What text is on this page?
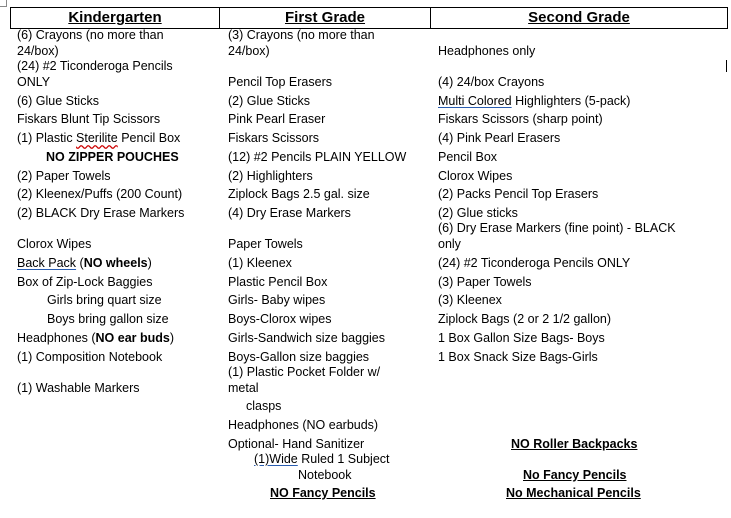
Kindergarten	First Grade	Second Grade
(6) Crayons (no more than
24/box)
(24) #2 Ticonderoga Pencils
ONLY
(6) Glue Sticks
Fiskars Blunt Tip Scissors
(1) Plastic Sterilite Pencil Box
NO ZIPPER POUCHES
(2) Paper Towels
(2) Kleenex/Puffs (200 Count)
(2) BLACK Dry Erase Markers
Clorox Wipes
Back Pack (NO wheels)
Box of Zip-Lock Baggies
Girls bring quart size
Boys bring gallon size
Headphones (NO ear buds)
(1) Composition Notebook
(1) Washable Markers
(3) Crayons (no more than
24/box)
Pencil Top Erasers
(2) Glue Sticks
Pink Pearl Eraser
Fiskars Scissors
(12) #2 Pencils PLAIN YELLOW
(2) Highlighters
Ziplock Bags 2.5 gal. size
(4) Dry Erase Markers
Paper Towels
(1) Kleenex
Plastic Pencil Box
Girls- Baby wipes
Boys-Clorox wipes
Girls-Sandwich size baggies
Boys-Gallon size baggies
(1) Plastic Pocket Folder w/
metal
clasps
Headphones (NO earbuds)
Optional- Hand Sanitizer
(1)Wide Ruled 1 Subject
Notebook
NO Fancy Pencils
Headphones only
(4) 24/box Crayons
Multi Colored Highlighters (5-pack)
Fiskars Scissors (sharp point)
(4) Pink Pearl Erasers
Pencil Box
Clorox Wipes
(2) Packs Pencil Top Erasers
(2) Glue sticks
(6) Dry Erase Markers (fine point) - BLACK
only
(24) #2 Ticonderoga Pencils ONLY
(3) Paper Towels
(3) Kleenex
Ziplock Bags (2 or 2 1/2 gallon)
1 Box Gallon Size Bags- Boys
1 Box Snack Size Bags-Girls
NO Roller Backpacks
No Fancy Pencils
No Mechanical Pencils
